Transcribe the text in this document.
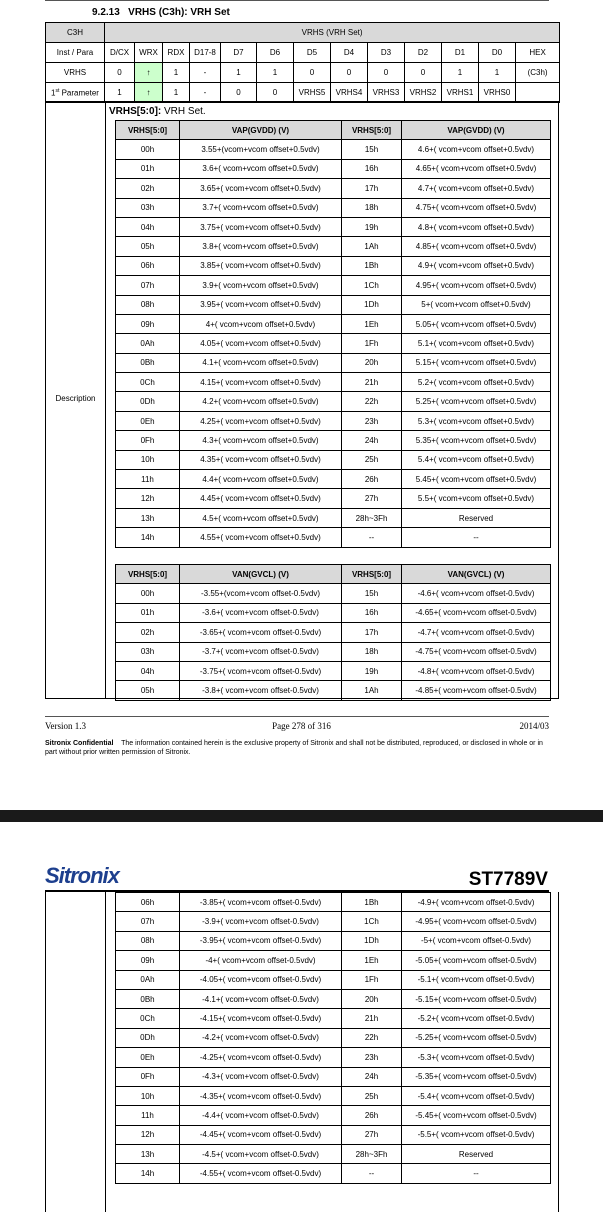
9.2.13 VRHS (C3h): VRH Set
C3H	VRHS (VRH Set)												
Inst / Para	D/CX	WRX	RDX	D17-8	D7	D6	D5	D4	D3	D2	D1	D0	HEX
VRHS	0	↑	1	-	1	1	0	0	0	0	1	1	(C3h)
1st Parameter	1	↑	1	-	0	0	VRHS5	VRHS4	VRHS3	VRHS2	VRHS1	VRHS0	
Description
VRHS[5:0]: VRH Set.
VRHS[5:0]	VAP(GVDD) (V)	VRHS[5:0]	VAP(GVDD) (V)
00h	3.55+(vcom+vcom offset+0.5vdv)	15h	4.6+( vcom+vcom offset+0.5vdv)
01h	3.6+( vcom+vcom offset+0.5vdv)	16h	4.65+( vcom+vcom offset+0.5vdv)
02h	3.65+( vcom+vcom offset+0.5vdv)	17h	4.7+( vcom+vcom offset+0.5vdv)
03h	3.7+( vcom+vcom offset+0.5vdv)	18h	4.75+( vcom+vcom offset+0.5vdv)
04h	3.75+( vcom+vcom offset+0.5vdv)	19h	4.8+( vcom+vcom offset+0.5vdv)
05h	3.8+( vcom+vcom offset+0.5vdv)	1Ah	4.85+( vcom+vcom offset+0.5vdv)
06h	3.85+( vcom+vcom offset+0.5vdv)	1Bh	4.9+( vcom+vcom offset+0.5vdv)
07h	3.9+( vcom+vcom offset+0.5vdv)	1Ch	4.95+( vcom+vcom offset+0.5vdv)
08h	3.95+( vcom+vcom offset+0.5vdv)	1Dh	5+( vcom+vcom offset+0.5vdv)
09h	4+( vcom+vcom offset+0.5vdv)	1Eh	5.05+( vcom+vcom offset+0.5vdv)
0Ah	4.05+( vcom+vcom offset+0.5vdv)	1Fh	5.1+( vcom+vcom offset+0.5vdv)
0Bh	4.1+( vcom+vcom offset+0.5vdv)	20h	5.15+( vcom+vcom offset+0.5vdv)
0Ch	4.15+( vcom+vcom offset+0.5vdv)	21h	5.2+( vcom+vcom offset+0.5vdv)
0Dh	4.2+( vcom+vcom offset+0.5vdv)	22h	5.25+( vcom+vcom offset+0.5vdv)
0Eh	4.25+( vcom+vcom offset+0.5vdv)	23h	5.3+( vcom+vcom offset+0.5vdv)
0Fh	4.3+( vcom+vcom offset+0.5vdv)	24h	5.35+( vcom+vcom offset+0.5vdv)
10h	4.35+( vcom+vcom offset+0.5vdv)	25h	5.4+( vcom+vcom offset+0.5vdv)
11h	4.4+( vcom+vcom offset+0.5vdv)	26h	5.45+( vcom+vcom offset+0.5vdv)
12h	4.45+( vcom+vcom offset+0.5vdv)	27h	5.5+( vcom+vcom offset+0.5vdv)
13h	4.5+( vcom+vcom offset+0.5vdv)	28h~3Fh	Reserved
14h	4.55+( vcom+vcom offset+0.5vdv)	--	--
VRHS[5:0]	VAN(GVCL) (V)	VRHS[5:0]	VAN(GVCL) (V)
00h	-3.55+(vcom+vcom offset-0.5vdv)	15h	-4.6+( vcom+vcom offset-0.5vdv)
01h	-3.6+( vcom+vcom offset-0.5vdv)	16h	-4.65+( vcom+vcom offset-0.5vdv)
02h	-3.65+( vcom+vcom offset-0.5vdv)	17h	-4.7+( vcom+vcom offset-0.5vdv)
03h	-3.7+( vcom+vcom offset-0.5vdv)	18h	-4.75+( vcom+vcom offset-0.5vdv)
04h	-3.75+( vcom+vcom offset-0.5vdv)	19h	-4.8+( vcom+vcom offset-0.5vdv)
05h	-3.8+( vcom+vcom offset-0.5vdv)	1Ah	-4.85+( vcom+vcom offset-0.5vdv)
Version 1.3	Page 278 of 316	2014/03
Sitronix Confidential The information contained herein is the exclusive property of Sitronix and shall not be distributed, reproduced, or disclosed in whole or in part without prior written permission of Sitronix.
Sitronix	ST7789V
06h	-3.85+( vcom+vcom offset-0.5vdv)	1Bh	-4.9+( vcom+vcom offset-0.5vdv)
07h	-3.9+( vcom+vcom offset-0.5vdv)	1Ch	-4.95+( vcom+vcom offset-0.5vdv)
08h	-3.95+( vcom+vcom offset-0.5vdv)	1Dh	-5+( vcom+vcom offset-0.5vdv)
09h	-4+( vcom+vcom offset-0.5vdv)	1Eh	-5.05+( vcom+vcom offset-0.5vdv)
0Ah	-4.05+( vcom+vcom offset-0.5vdv)	1Fh	-5.1+( vcom+vcom offset-0.5vdv)
0Bh	-4.1+( vcom+vcom offset-0.5vdv)	20h	-5.15+( vcom+vcom offset-0.5vdv)
0Ch	-4.15+( vcom+vcom offset-0.5vdv)	21h	-5.2+( vcom+vcom offset-0.5vdv)
0Dh	-4.2+( vcom+vcom offset-0.5vdv)	22h	-5.25+( vcom+vcom offset-0.5vdv)
0Eh	-4.25+( vcom+vcom offset-0.5vdv)	23h	-5.3+( vcom+vcom offset-0.5vdv)
0Fh	-4.3+( vcom+vcom offset-0.5vdv)	24h	-5.35+( vcom+vcom offset-0.5vdv)
10h	-4.35+( vcom+vcom offset-0.5vdv)	25h	-5.4+( vcom+vcom offset-0.5vdv)
11h	-4.4+( vcom+vcom offset-0.5vdv)	26h	-5.45+( vcom+vcom offset-0.5vdv)
12h	-4.45+( vcom+vcom offset-0.5vdv)	27h	-5.5+( vcom+vcom offset-0.5vdv)
13h	-4.5+( vcom+vcom offset-0.5vdv)	28h~3Fh	Reserved
14h	-4.55+( vcom+vcom offset-0.5vdv)	--	--
